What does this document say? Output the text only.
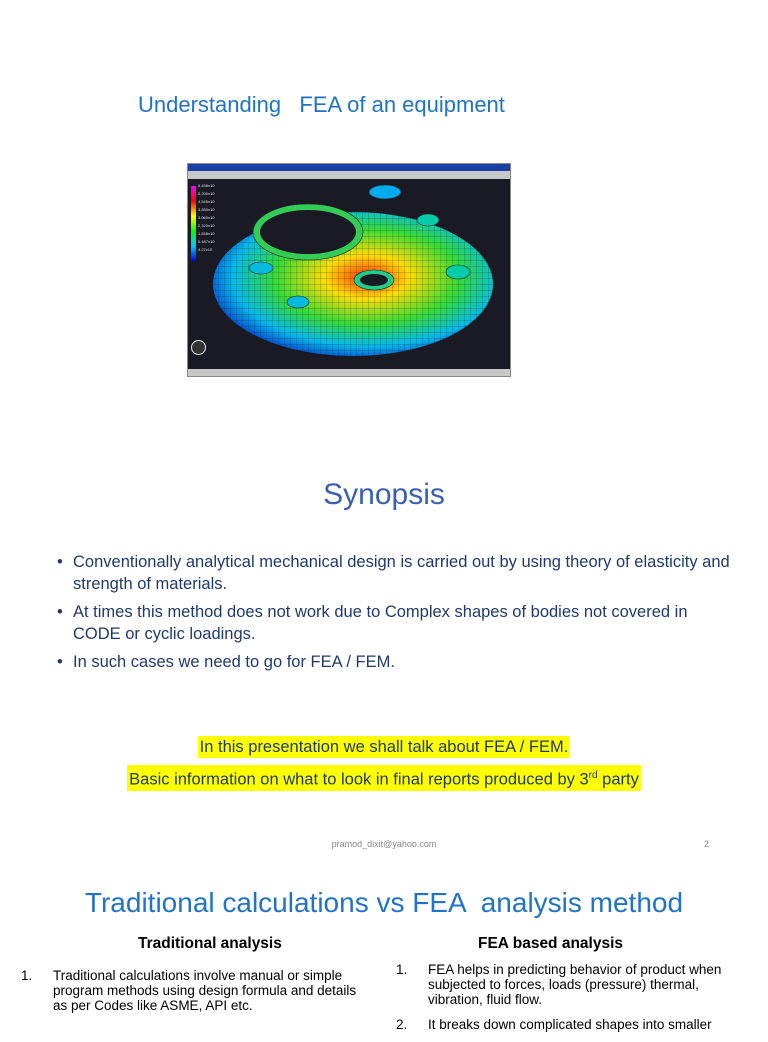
Understanding   FEA of an equipment
6.498x10
5.200x10
4.545x10
3.850x10
3.060x10
2.320x10
1.658x10
0.487x10
4.27x10
Synopsis
• Conventionally analytical mechanical design is carried out by using theory of elasticity and strength of materials.
• At times this method does not work due to Complex shapes of bodies not covered in CODE or cyclic loadings.
• In such cases we need to go for FEA / FEM.
In this presentation we shall talk about FEA / FEM.
Basic information on what to look in final reports produced by 3rd party
pramod_dixit@yahoo.com	2
Traditional calculations vs FEA  analysis method
Traditional analysis
1. Traditional calculations involve manual or simple program methods using design formula and details as per Codes like ASME, API etc.
FEA based analysis
1. FEA helps in predicting behavior of product when subjected to forces, loads (pressure) thermal, vibration, fluid flow.
2. It breaks down complicated shapes into smaller
